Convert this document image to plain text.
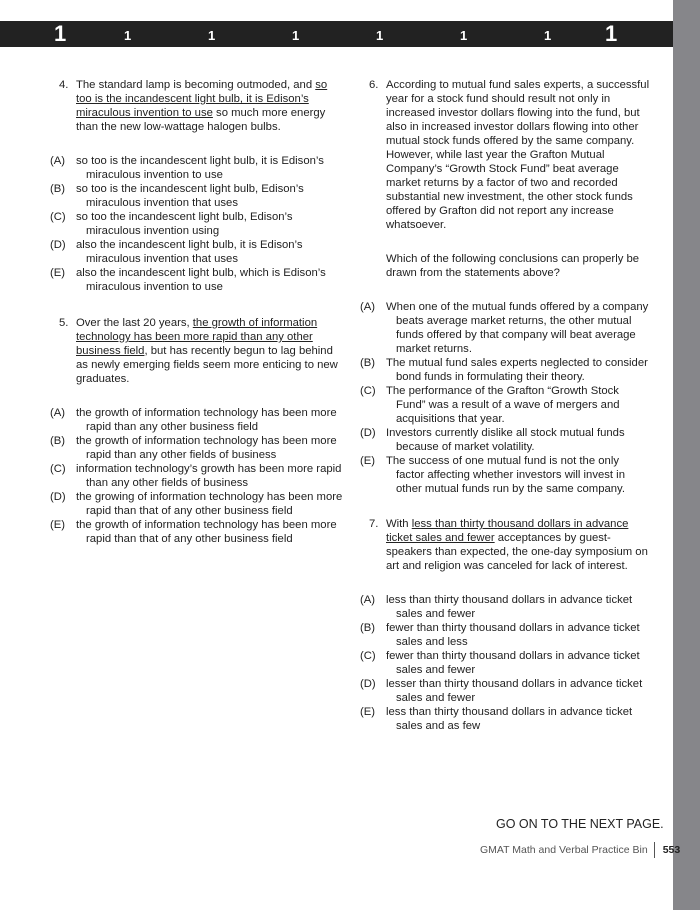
1	1	1	1	1	1	1 1
4. The standard lamp is becoming outmoded, and so too is the incandescent light bulb, it is Edison’s miraculous invention to use so much more energy than the new low-wattage halogen bulbs.
(A) so too is the incandescent light bulb, it is Edison’s miraculous invention to use
(B) so too is the incandescent light bulb, Edison’s miraculous invention that uses
(C) so too the incandescent light bulb, Edison’s miraculous invention using
(D) also the incandescent light bulb, it is Edison’s miraculous invention that uses
(E) also the incandescent light bulb, which is Edison’s miraculous invention to use
5. Over the last 20 years, the growth of information technology has been more rapid than any other business field, but has recently begun to lag behind as newly emerging fields seem more enticing to new graduates.
(A) the growth of information technology has been more rapid than any other business field
(B) the growth of information technology has been more rapid than any other fields of business
(C) information technology’s growth has been more rapid than any other fields of business
(D) the growing of information technology has been more rapid than that of any other business field
(E) the growth of information technology has been more rapid than that of any other business field
6. According to mutual fund sales experts, a successful year for a stock fund should result not only in increased investor dollars flowing into the fund, but also in increased investor dollars flowing into other mutual stock funds offered by the same company. However, while last year the Grafton Mutual Company’s “Growth Stock Fund” beat average market returns by a factor of two and recorded substantial new investment, the other stock funds offered by Grafton did not report any increase whatsoever.
Which of the following conclusions can properly be drawn from the statements above?
(A) When one of the mutual funds offered by a company beats average market returns, the other mutual funds offered by that company will beat average market returns.
(B) The mutual fund sales experts neglected to consider bond funds in formulating their theory.
(C) The performance of the Grafton “Growth Stock Fund” was a result of a wave of mergers and acquisitions that year.
(D) Investors currently dislike all stock mutual funds because of market volatility.
(E) The success of one mutual fund is not the only factor affecting whether investors will invest in other mutual funds run by the same company.
7. With less than thirty thousand dollars in advance ticket sales and fewer acceptances by guest-speakers than expected, the one-day symposium on art and religion was canceled for lack of interest.
(A) less than thirty thousand dollars in advance ticket sales and fewer
(B) fewer than thirty thousand dollars in advance ticket sales and less
(C) fewer than thirty thousand dollars in advance ticket sales and fewer
(D) lesser than thirty thousand dollars in advance ticket sales and fewer
(E) less than thirty thousand dollars in advance ticket sales and as few
GO ON TO THE NEXT PAGE.
GMAT Math and Verbal Practice Bin 553
